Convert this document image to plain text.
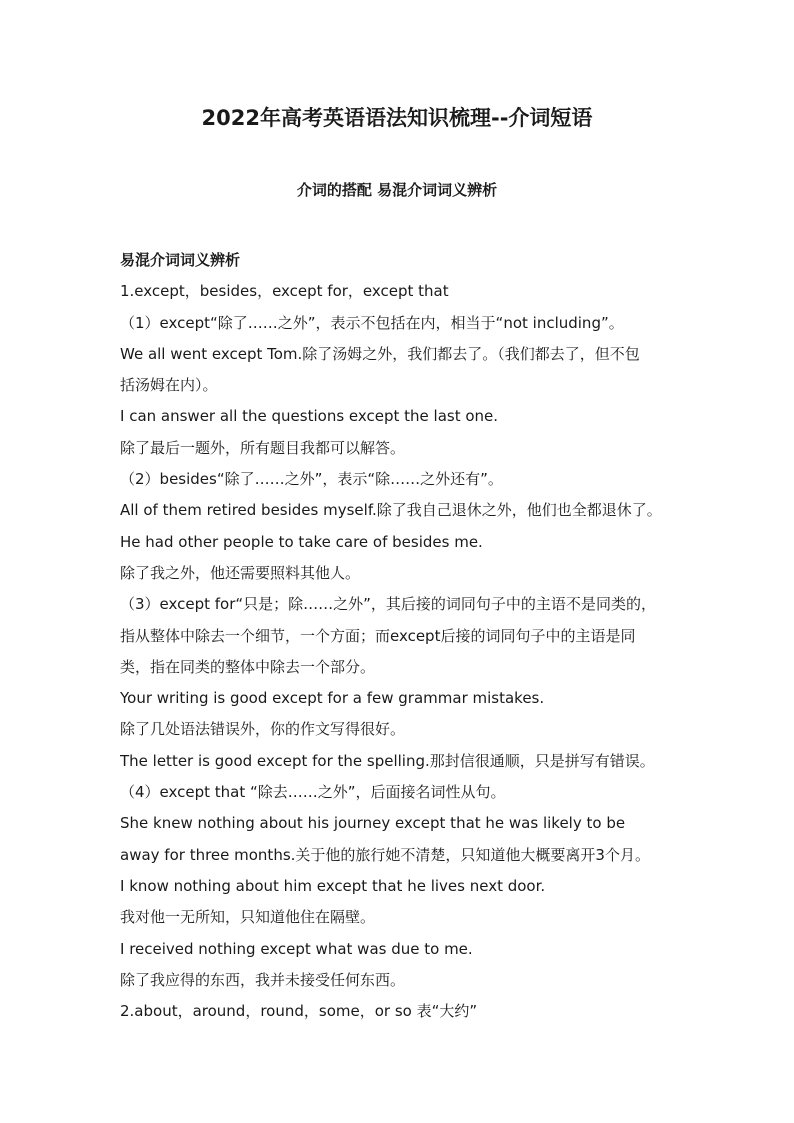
2022年高考英语语法知识梳理--介词短语
介词的搭配 易混介词词义辨析
易混介词词义辨析
1.except，besides，except for，except that
（1）except“除了……之外”，表示不包括在内，相当于“not including”。
We all went except Tom.除了汤姆之外，我们都去了。（我们都去了，但不包
括汤姆在内）。
I can answer all the questions except the last one.
除了最后一题外，所有题目我都可以解答。
（2）besides“除了……之外”，表示“除……之外还有”。
All of them retired besides myself.除了我自己退休之外，他们也全都退休了。
He had other people to take care of besides me.
除了我之外，他还需要照料其他人。
（3）except for“只是；除……之外”，其后接的词同句子中的主语不是同类的，
指从整体中除去一个细节，一个方面；而except后接的词同句子中的主语是同
类，指在同类的整体中除去一个部分。
Your writing is good except for a few grammar mistakes.
除了几处语法错误外，你的作文写得很好。
The letter is good except for the spelling.那封信很通顺，只是拼写有错误。
（4）except that “除去……之外”，后面接名词性从句。
She knew nothing about his journey except that he was likely to be
away for three months.关于他的旅行她不清楚，只知道他大概要离开3个月。
I know nothing about him except that he lives next door.
我对他一无所知，只知道他住在隔壁。
I received nothing except what was due to me.
除了我应得的东西，我并未接受任何东西。
2.about，around，round，some，or so 表“大约”
